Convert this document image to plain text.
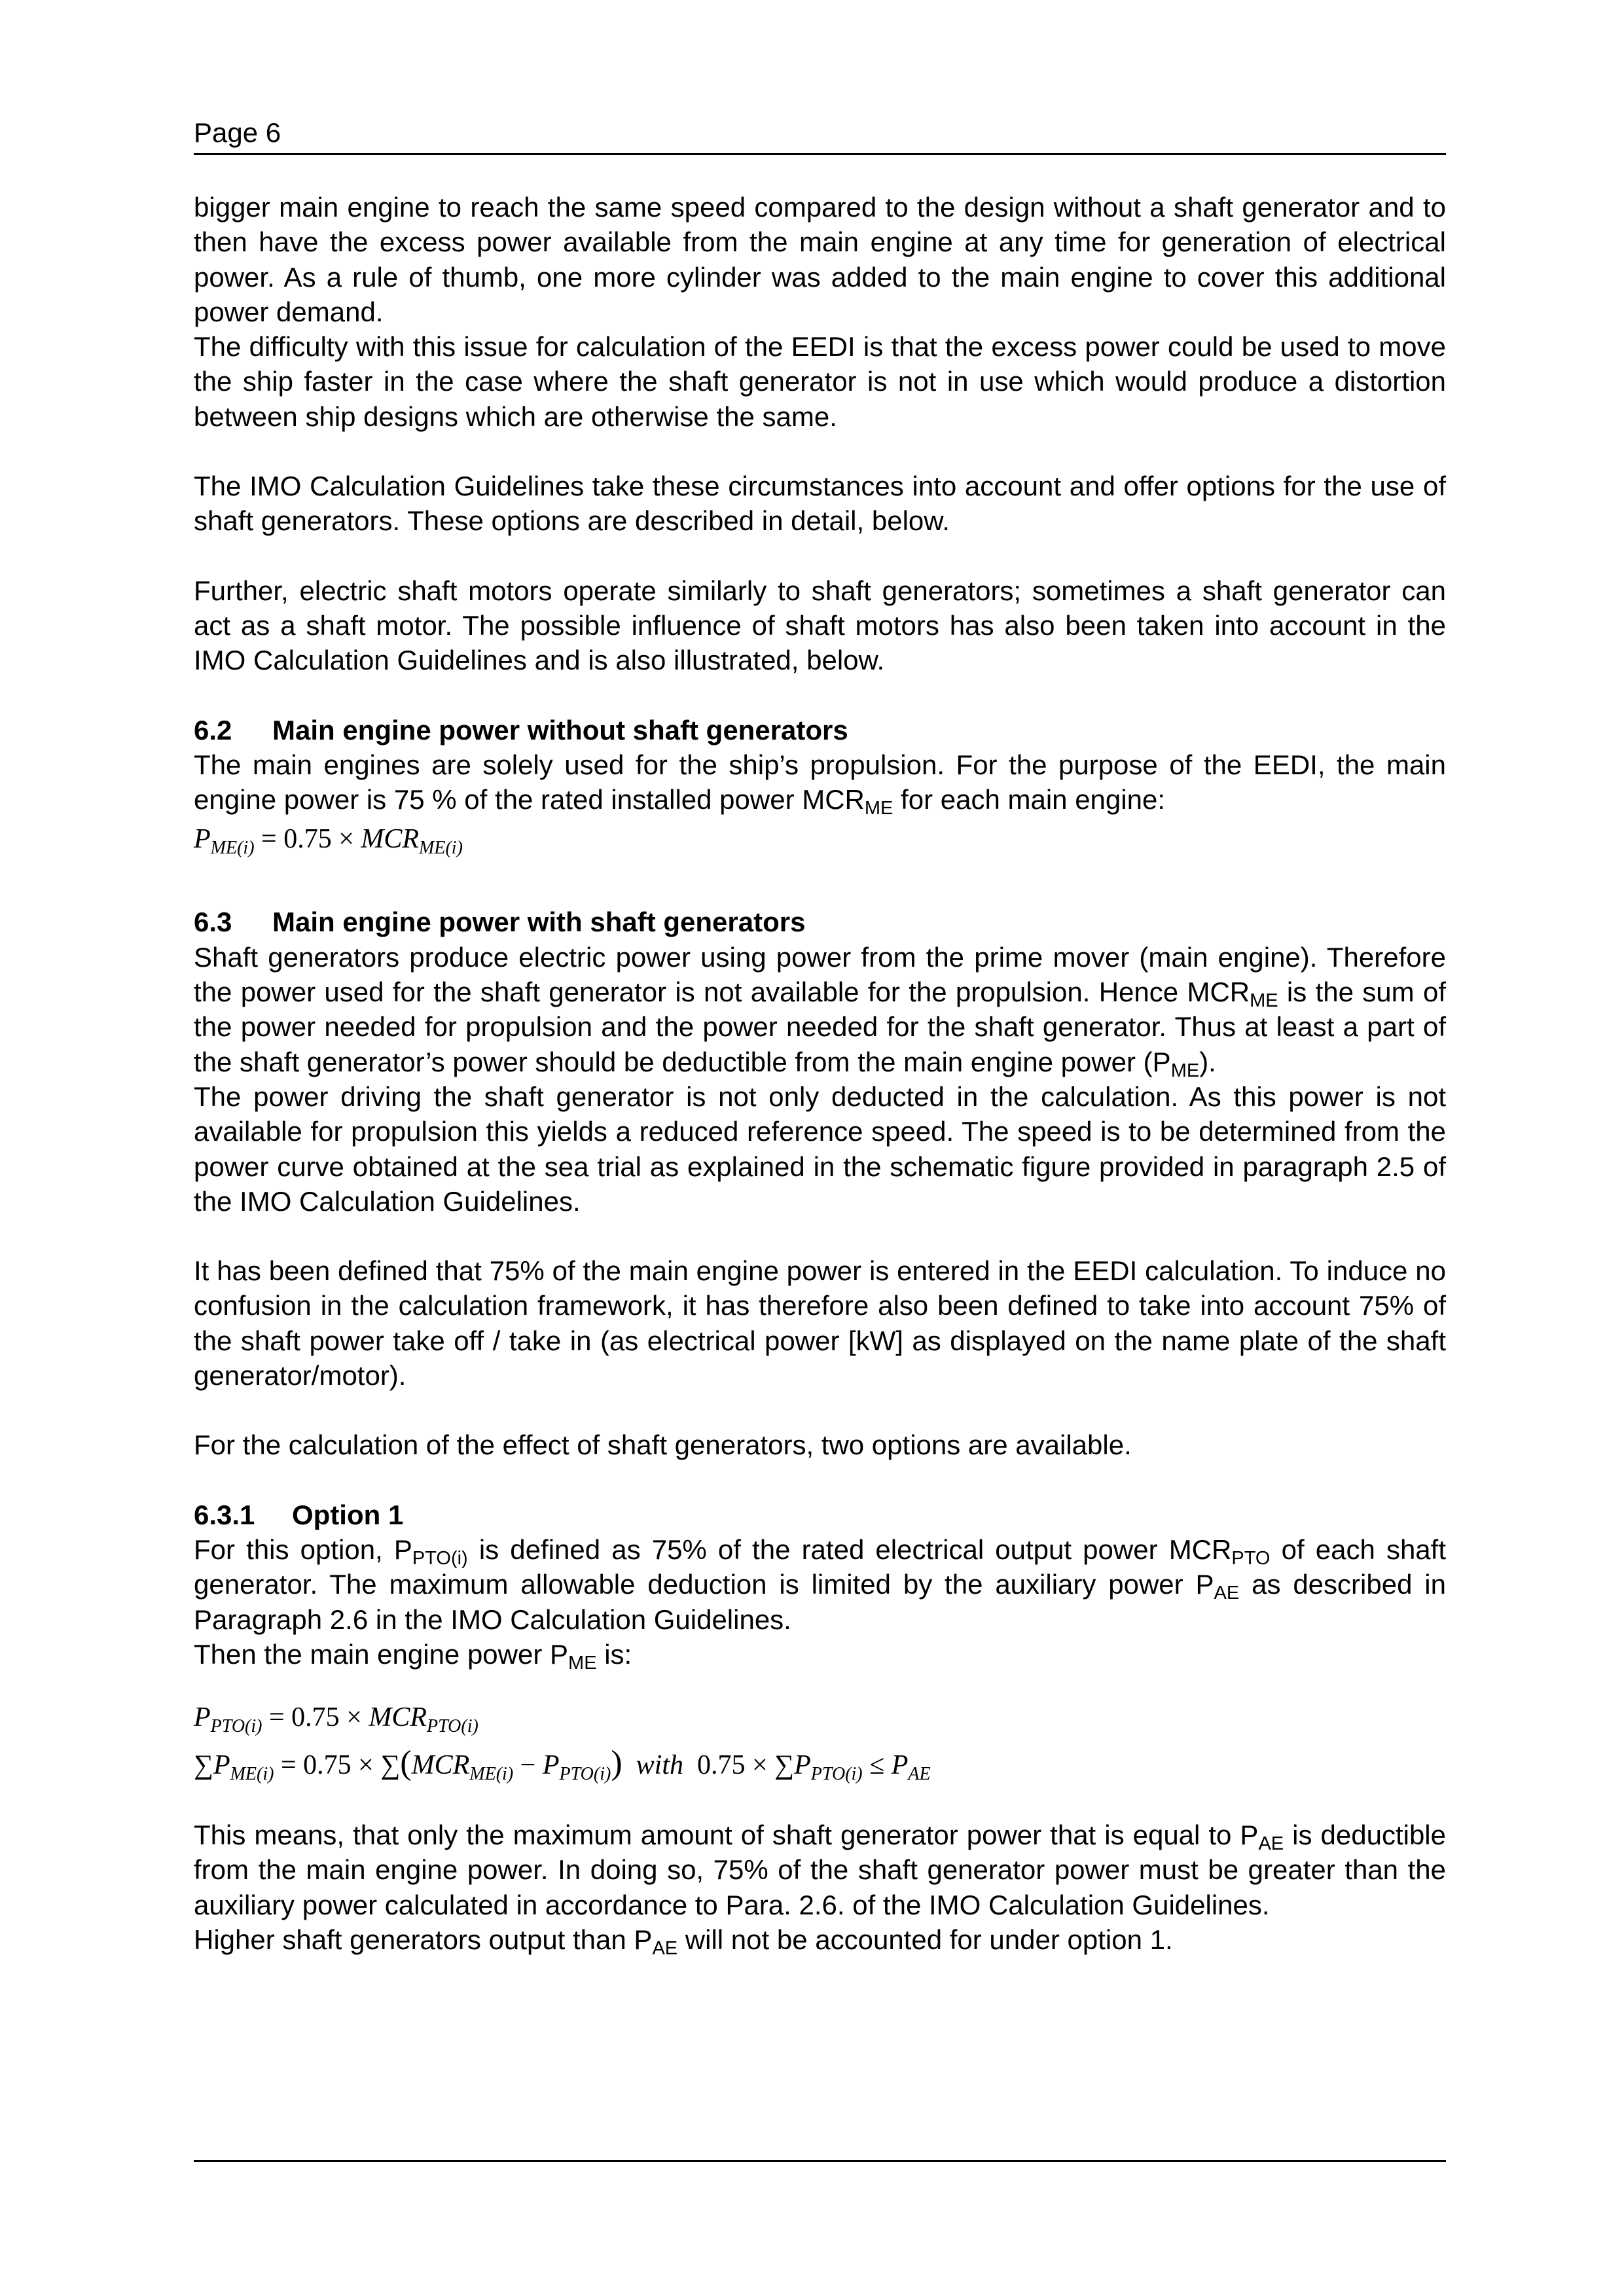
Page 6

bigger main engine to reach the same speed compared to the design without a shaft generator and to then have the excess power available from the main engine at any time for generation of electrical power. As a rule of thumb, one more cylinder was added to the main engine to cover this additional power demand.

The difficulty with this issue for calculation of the EEDI is that the excess power could be used to move the ship faster in the case where the shaft generator is not in use which would produce a distortion between ship designs which are otherwise the same.

The IMO Calculation Guidelines take these circumstances into account and offer options for the use of shaft generators. These options are described in detail, below.

Further, electric shaft motors operate similarly to shaft generators; sometimes a shaft generator can act as a shaft motor. The possible influence of shaft motors has also been taken into account in the IMO Calculation Guidelines and is also illustrated, below.

6.2 Main engine power without shaft generators

The main engines are solely used for the ship’s propulsion. For the purpose of the EEDI, the main engine power is 75 % of the rated installed power $MCR_{ME}$ for each main engine:

$P_{ME(i)} = 0.75 \times MCR_{ME(i)}$

6.3 Main engine power with shaft generators

Shaft generators produce electric power using power from the prime mover (main engine). Therefore the power used for the shaft generator is not available for the propulsion. Hence $MCR_{ME}$ is the sum of the power needed for propulsion and the power needed for the shaft generator. Thus at least a part of the shaft generator’s power should be deductible from the main engine power $(P_{ME})$.

The power driving the shaft generator is not only deducted in the calculation. As this power is not available for propulsion this yields a reduced reference speed. The speed is to be determined from the power curve obtained at the sea trial as explained in the schematic figure provided in paragraph 2.5 of the IMO Calculation Guidelines.

It has been defined that 75% of the main engine power is entered in the EEDI calculation. To induce no confusion in the calculation framework, it has therefore also been defined to take into account 75% of the shaft power take off / take in (as electrical power [kW] as displayed on the name plate of the shaft generator/motor).

For the calculation of the effect of shaft generators, two options are available.

6.3.1 Option 1

For this option, $P_{PTO(i)}$ is defined as 75% of the rated electrical output power $MCR_{PTO}$ of each shaft generator. The maximum allowable deduction is limited by the auxiliary power $P_{AE}$ as described in Paragraph 2.6 in the IMO Calculation Guidelines.

Then the main engine power $P_{ME}$ is:

$P_{PTO(i)} = 0.75 \times MCR_{PTO(i)}$

$\sum P_{ME(i)} = 0.75 \times \sum(MCR_{ME(i)} - P_{PTO(i)})$ with $0.75 \times \sum P_{PTO(i)} \le P_{AE}$

This means, that only the maximum amount of shaft generator power that is equal to $P_{AE}$ is deductible from the main engine power. In doing so, 75% of the shaft generator power must be greater than the auxiliary power calculated in accordance to Para. 2.6. of the IMO Calculation Guidelines.

Higher shaft generators output than $P_{AE}$ will not be accounted for under option 1.
